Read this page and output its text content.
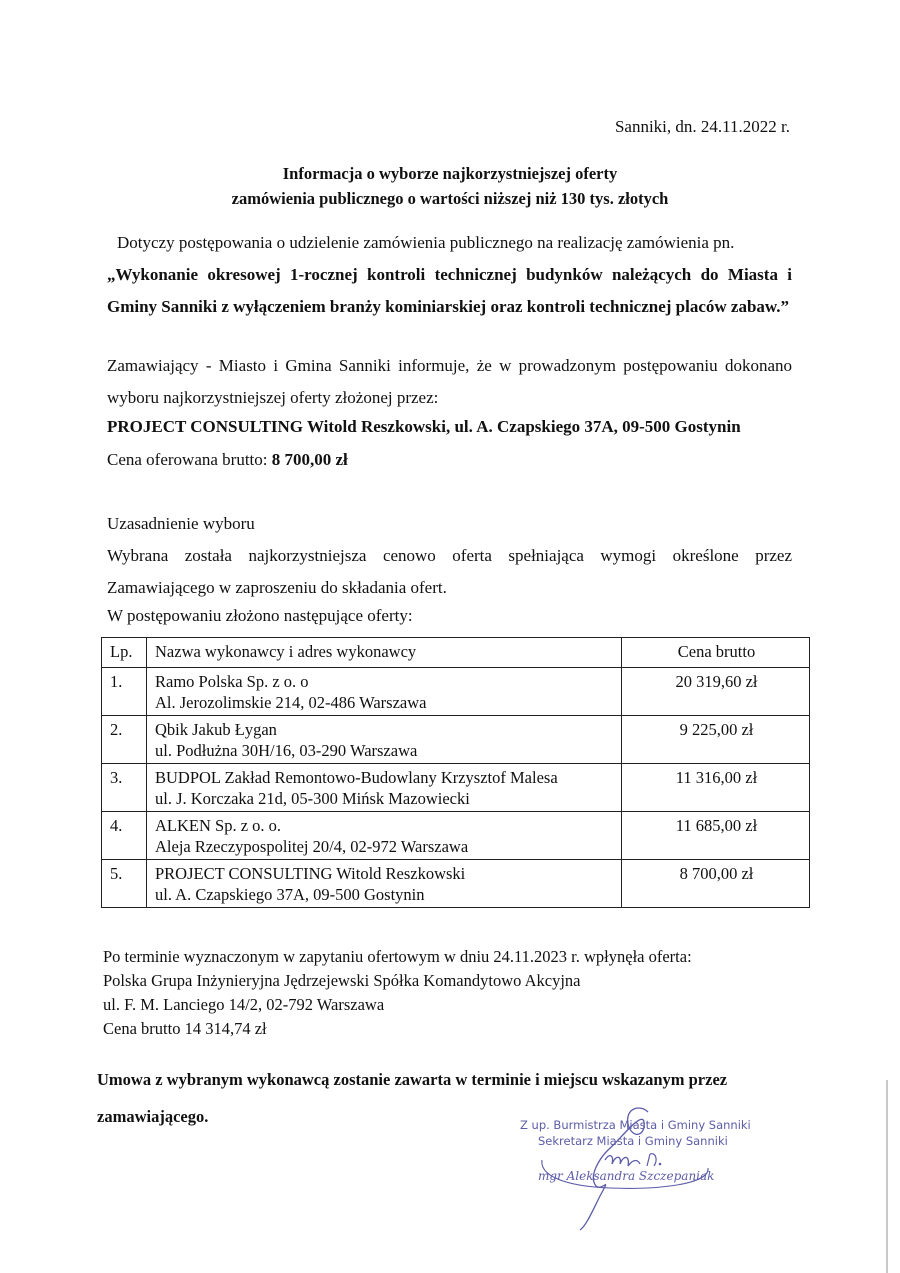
Sanniki, dn. 24.11.2022 r.
Informacja o wyborze najkorzystniejszej oferty
zamówienia publicznego o wartości niższej niż 130 tys. złotych
Dotyczy postępowania o udzielenie zamówienia publicznego na realizację zamówienia pn.
„Wykonanie okresowej 1-rocznej kontroli technicznej budynków należących do Miasta i Gminy Sanniki z wyłączeniem branży kominiarskiej oraz kontroli technicznej placów zabaw.”
Zamawiający - Miasto i Gmina Sanniki informuje, że w prowadzonym postępowaniu dokonano wyboru najkorzystniejszej oferty złożonej przez:
PROJECT CONSULTING Witold Reszkowski, ul. A. Czapskiego 37A, 09-500 Gostynin
Cena oferowana brutto: 8 700,00 zł
Uzasadnienie wyboru
Wybrana została najkorzystniejsza cenowo oferta spełniająca wymogi określone przez Zamawiającego w zaproszeniu do składania ofert.
W postępowaniu złożono następujące oferty:
Lp.	Nazwa wykonawcy i adres wykonawcy	Cena brutto
1.	Ramo Polska Sp. z o. o
Al. Jerozolimskie 214, 02-486 Warszawa	20 319,60 zł
2.	Qbik Jakub Łygan
ul. Podłużna 30H/16, 03-290 Warszawa	9 225,00 zł
3.	BUDPOL Zakład Remontowo-Budowlany Krzysztof Malesa
ul. J. Korczaka 21d, 05-300 Mińsk Mazowiecki	11 316,00 zł
4.	ALKEN Sp. z o. o.
Aleja Rzeczypospolitej 20/4, 02-972 Warszawa	11 685,00 zł
5.	PROJECT CONSULTING Witold Reszkowski
ul. A. Czapskiego 37A, 09-500 Gostynin	8 700,00 zł
Po terminie wyznaczonym w zapytaniu ofertowym w dniu 24.11.2023 r. wpłynęła oferta:
Polska Grupa Inżynieryjna Jędrzejewski Spółka Komandytowo Akcyjna
ul. F. M. Lanciego 14/2, 02-792 Warszawa
Cena brutto 14 314,74 zł
Umowa z wybranym wykonawcą zostanie zawarta w terminie i miejscu wskazanym przez zamawiającego.	Z up. Burmistrza Miasta i Gminy Sanniki
Sekretarz Miasta i Gminy Sanniki
mgr Aleksandra Szczepaniak
